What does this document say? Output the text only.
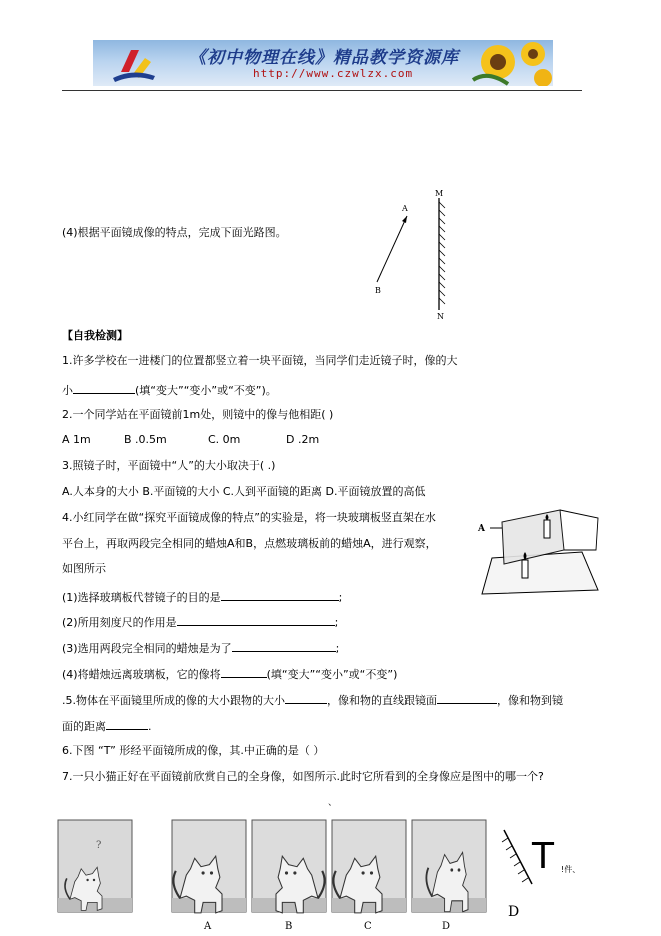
《初中物理在线》精品教学资源库
http://www.czwlzx.com
M
N
A
B
(4)根据平面镜成像的特点，完成下面光路图。
【自我检测】
1.许多学校在一进楼门的位置都竖立着一块平面镜，当同学们走近镜子时，像的大
小	(填“变大”“变小”或“不变”)。
2.一个同学站在平面镜前1m处，则镜中的像与他相距( )
A 1m	B .0.5m	C. 0m	D .2m
3.照镜子时，平面镜中“人”的大小取决于( .)
A.人本身的大小 B.平面镜的大小 C.人到平面镜的距离 D.平面镜放置的高低
4.小红同学在做“探究平面镜成像的特点”的实验是，将一块玻璃板竖直架在水
平台上，再取两段完全相同的蜡烛A和B，点燃玻璃板前的蜡烛A，进行观察，
如图所示
A
(1)选择玻璃板代替镜子的目的是	;
(2)所用刻度尺的作用是	;
(3)选用两段完全相同的蜡烛是为了	;
(4)将蜡烛远离玻璃板，它的像将	(填“变大”“变小”或“不变”)
.5.物体在平面镜里所成的像的大小跟物的大小	，像和物的直线跟镜面	，像和物到镜
面的距离	.
6.下图 “T” 形经平面镜所成的像，其.中正确的是（ ）
7.一只小猫正好在平面镜前欣赏自己的全身像，如图所示.此时它所看到的全身像应是图中的哪一个?
、
?
A	B	C	D
T !件、
D
